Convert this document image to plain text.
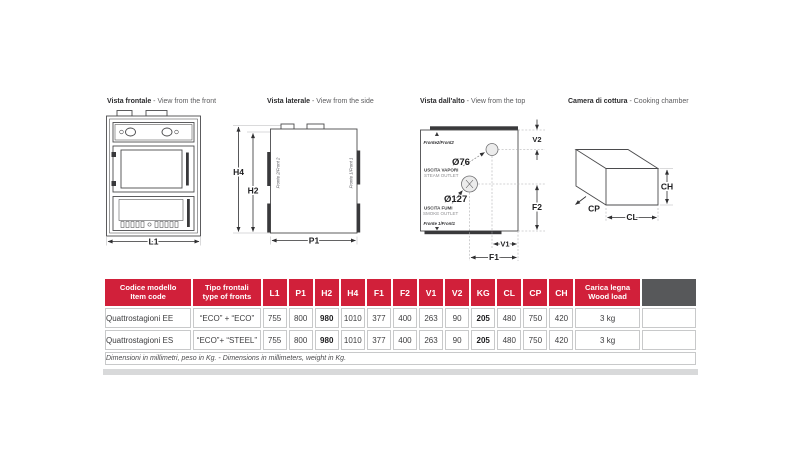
Vista frontale - View from the front	Vista laterale - View from the side	Vista dall'alto - View from the top	Camera di cottura - Cooking chamber
L1
H4
H2
Fronte 2/Front 2	Fronte 1/Front 1
P1
Fronte2/Front2
Fronte 1/Front1
Ø76
USCITA VAPORI
STEAM OUTLET
Ø127
USCITA FUMI
SMOKE OUTLET
V2
F2
V1
F1
CH
CP
CL
Codice modello
Item code	Tipo frontali
type of fronts	L1	P1	H2	H4	F1	F2	V1	V2	KG	CL	CP	CH	Carica legna
Wood load	

Quattrostagioni EE	“ECO” + “ECO”	755	800	980	1010	377	400	263	90	205	480	750	420	3 kg	
Quattrostagioni ES	“ECO”+ “STEEL”	755	800	980	1010	377	400	263	90	205	480	750	420	3 kg	
Dimensioni in millimetri, peso in Kg. - Dimensions in millimeters, weight in Kg.															
